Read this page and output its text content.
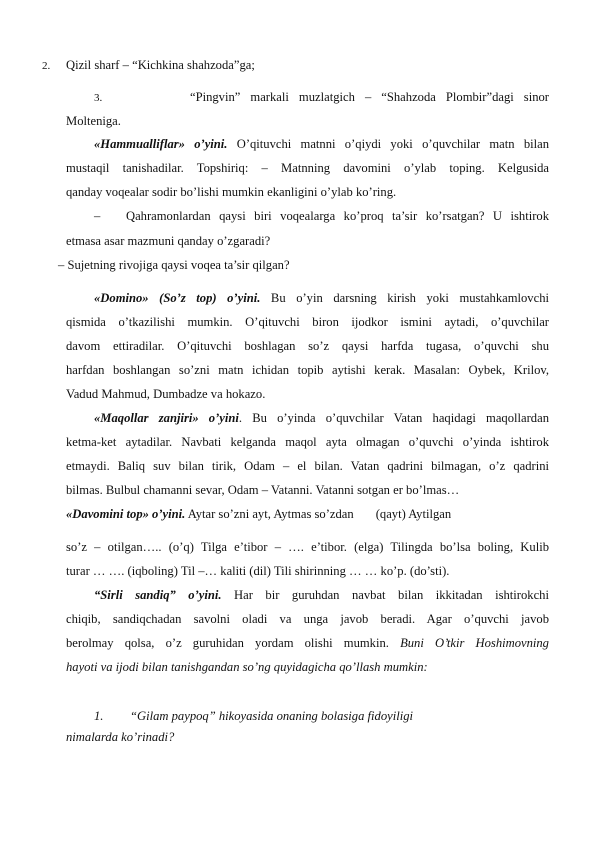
2. Qizil sharf – “Kichkina shahzoda”ga;
3.	“Pingvin” markali muzlatgich – “Shahzoda Plombir”dagi sinor
Molteniga.
«Hammualliflar» o’yini. O’qituvchi matnni o’qiydi yoki o’quvchilar matn bilan
mustaqil tanishadilar. Topshiriq: – Matnning davomini o’ylab toping. Kelgusida
qanday voqealar sodir bo’lishi mumkin ekanligini o’ylab ko’ring.
– Qahramonlardan qaysi biri voqealarga ko’proq ta’sir ko’rsatgan? U ishtirok
etmasa asar mazmuni qanday o’zgaradi?
– Sujetning rivojiga qaysi voqea ta’sir qilgan?
«Domino» (So’z top) o’yini. Bu o’yin darsning kirish yoki mustahkamlovchi
qismida o’tkazilishi mumkin. O’qituvchi biron ijodkor ismini aytadi, o’quvchilar
davom ettiradilar. O’qituvchi boshlagan so’z qaysi harfda tugasa, o’quvchi shu
harfdan boshlangan so’zni matn ichidan topib aytishi kerak. Masalan: Oybek, Krilov,
Vadud Mahmud, Dumbadze va hokazo.
«Maqollar zanjiri» o’yini. Bu o’yinda o’quvchilar Vatan haqidagi maqollardan
ketma-ket aytadilar. Navbati kelganda maqol ayta olmagan o’quvchi o’yinda ishtirok
etmaydi. Baliq suv bilan tirik, Odam – el bilan. Vatan qadrini bilmagan, o’z qadrini
bilmas. Bulbul chamanni sevar, Odam – Vatanni. Vatanni sotgan er bo’lmas…
«Davomini top» o’yini. Aytar so’zni ayt, Aytmas so’zdan       (qayt) Aytilgan
so’z – otilgan….. (o’q) Tilga e’tibor – …. e’tibor. (elga) Tilingda bo’lsa boling, Kulib
turar … …. (iqboling) Til –… kaliti (dil) Tili shirinning … … ko’p. (do’sti).
“Sirli sandiq” o’yini. Har bir guruhdan navbat bilan ikkitadan ishtirokchi
chiqib, sandiqchadan savolni oladi va unga javob beradi. Agar o’quvchi javob
berolmay qolsa, o’z guruhidan yordam olishi mumkin. Buni O’tkir Hoshimovning
hayoti va ijodi bilan tanishgandan so’ng quyidagicha qo’llash mumkin:
1. “Gilam paypoq” hikoyasida onaning bolasiga fidoyiligi
nimalarda ko’rinadi?
